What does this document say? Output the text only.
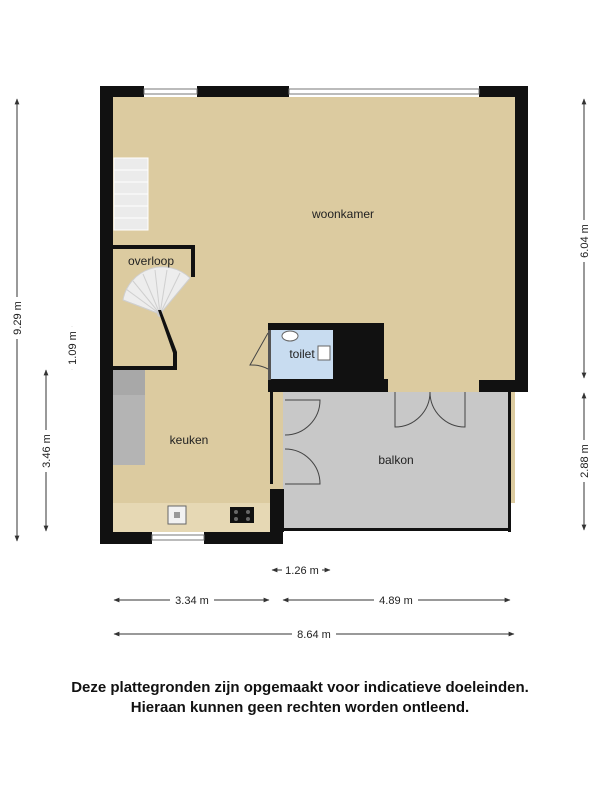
woonkamer
overloop
toilet
keuken
balkon
9.29 m
1.09 m
3.46 m
6.04 m
2.88 m
1.26 m
3.34 m	4.89 m
8.64 m
Deze plattegronden zijn opgemaakt voor indicatieve doeleinden.
Hieraan kunnen geen rechten worden ontleend.
